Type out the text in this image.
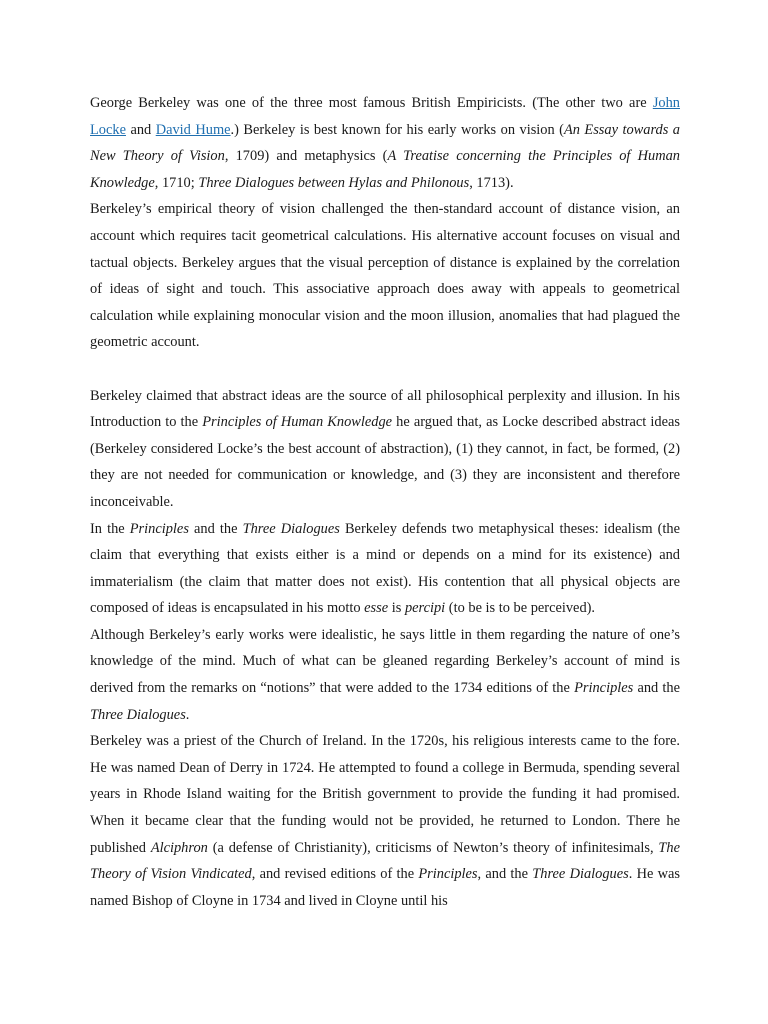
George Berkeley was one of the three most famous British Empiricists. (The other two are John Locke and David Hume.) Berkeley is best known for his early works on vision (An Essay towards a New Theory of Vision, 1709) and metaphysics (A Treatise concerning the Principles of Human Knowledge, 1710; Three Dialogues between Hylas and Philonous, 1713).

Berkeley’s empirical theory of vision challenged the then-standard account of distance vision, an account which requires tacit geometrical calculations. His alternative account focuses on visual and tactual objects. Berkeley argues that the visual perception of distance is explained by the correlation of ideas of sight and touch. This associative approach does away with appeals to geometrical calculation while explaining monocular vision and the moon illusion, anomalies that had plagued the geometric account.

Berkeley claimed that abstract ideas are the source of all philosophical perplexity and illusion. In his Introduction to the Principles of Human Knowledge he argued that, as Locke described abstract ideas (Berkeley considered Locke’s the best account of abstraction), (1) they cannot, in fact, be formed, (2) they are not needed for communication or knowledge, and (3) they are inconsistent and therefore inconceivable.

In the Principles and the Three Dialogues Berkeley defends two metaphysical theses: idealism (the claim that everything that exists either is a mind or depends on a mind for its existence) and immaterialism (the claim that matter does not exist). His contention that all physical objects are composed of ideas is encapsulated in his motto esse is percipi (to be is to be perceived).

Although Berkeley’s early works were idealistic, he says little in them regarding the nature of one’s knowledge of the mind. Much of what can be gleaned regarding Berkeley’s account of mind is derived from the remarks on “notions” that were added to the 1734 editions of the Principles and the Three Dialogues.

Berkeley was a priest of the Church of Ireland. In the 1720s, his religious interests came to the fore. He was named Dean of Derry in 1724. He attempted to found a college in Bermuda, spending several years in Rhode Island waiting for the British government to provide the funding it had promised. When it became clear that the funding would not be provided, he returned to London. There he published Alciphron (a defense of Christianity), criticisms of Newton’s theory of infinitesimals, The Theory of Vision Vindicated, and revised editions of the Principles, and the Three Dialogues. He was named Bishop of Cloyne in 1734 and lived in Cloyne until his
